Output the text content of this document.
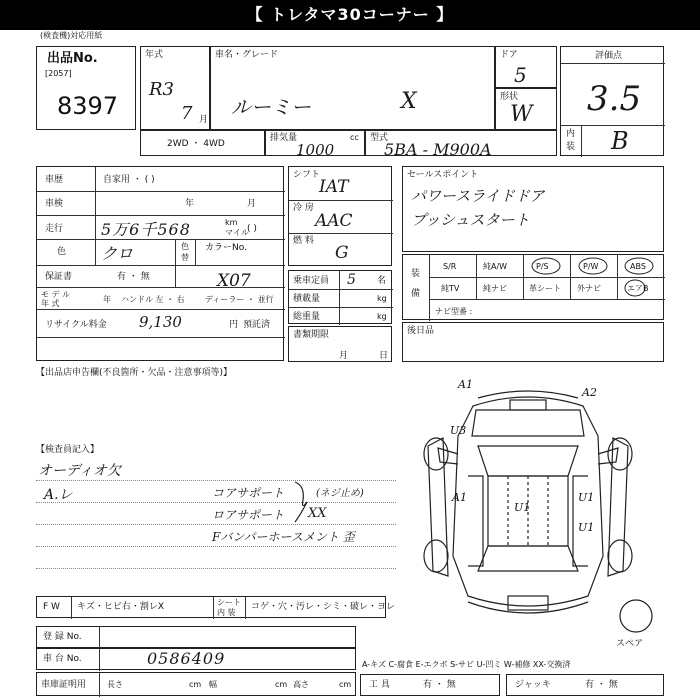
【 トレタマ30コーナー 】
(検査機)対応用紙
出品No.
[2057]
8397
年式
R3
7 月
車名・グレード
ルーミー	X
ドア
5
形状
W
評価点
3.5
内
装 B
2WD ・ 4WD
排気量	cc
1000
型式
5BA - M900A
車歴	自家用 ・ ( )
車検	年	月
走行 5万6千568	km
マイル
( )
色 クロ	色
替
カラーNo.
X07
保証書	有 ・ 無
モ デ ル
年 式	年 ハンドル 左 ・ 右	ディーラー ・ 並行
リサイクル料金 9,130	円 預託済
シフト
IAT
冷 房
AAC
燃 料
G
乗車定員 5 名
積載量	kg
総重量	kg
書類期限
月	日
セールスポイント
パワースライドドア
プッシュスタート
装
備
S/R	純A/W	P/S	P/W	ABS
純TV	純ナビ	革シート 外ナビ	エアB
ナビ型番 :
後日品
【出品店申告欄(不良箇所・欠品・注意事項等)】
【検査員記入】
オーディオ欠
A.レ	コアサポート	(ネジ止め)
ロアサポート XX
Fバンパーホースメント 歪
A1
A2
U3
A1
U1
U1
U1
スペア
F W キズ・ヒビ右・割レX	シート
内 装
コゲ・穴・汚レ・シミ・破レ・ヨレ
登 録 No.
車 台 No.	0586409
車庫証明用	長さ	cm 幅	cm 高さ	cm
A-キズ C-腐食 E-エクボ S-サビ U-凹ミ W-補修 XX-交換済
工 具	有 ・ 無	ジャッキ	有 ・ 無
